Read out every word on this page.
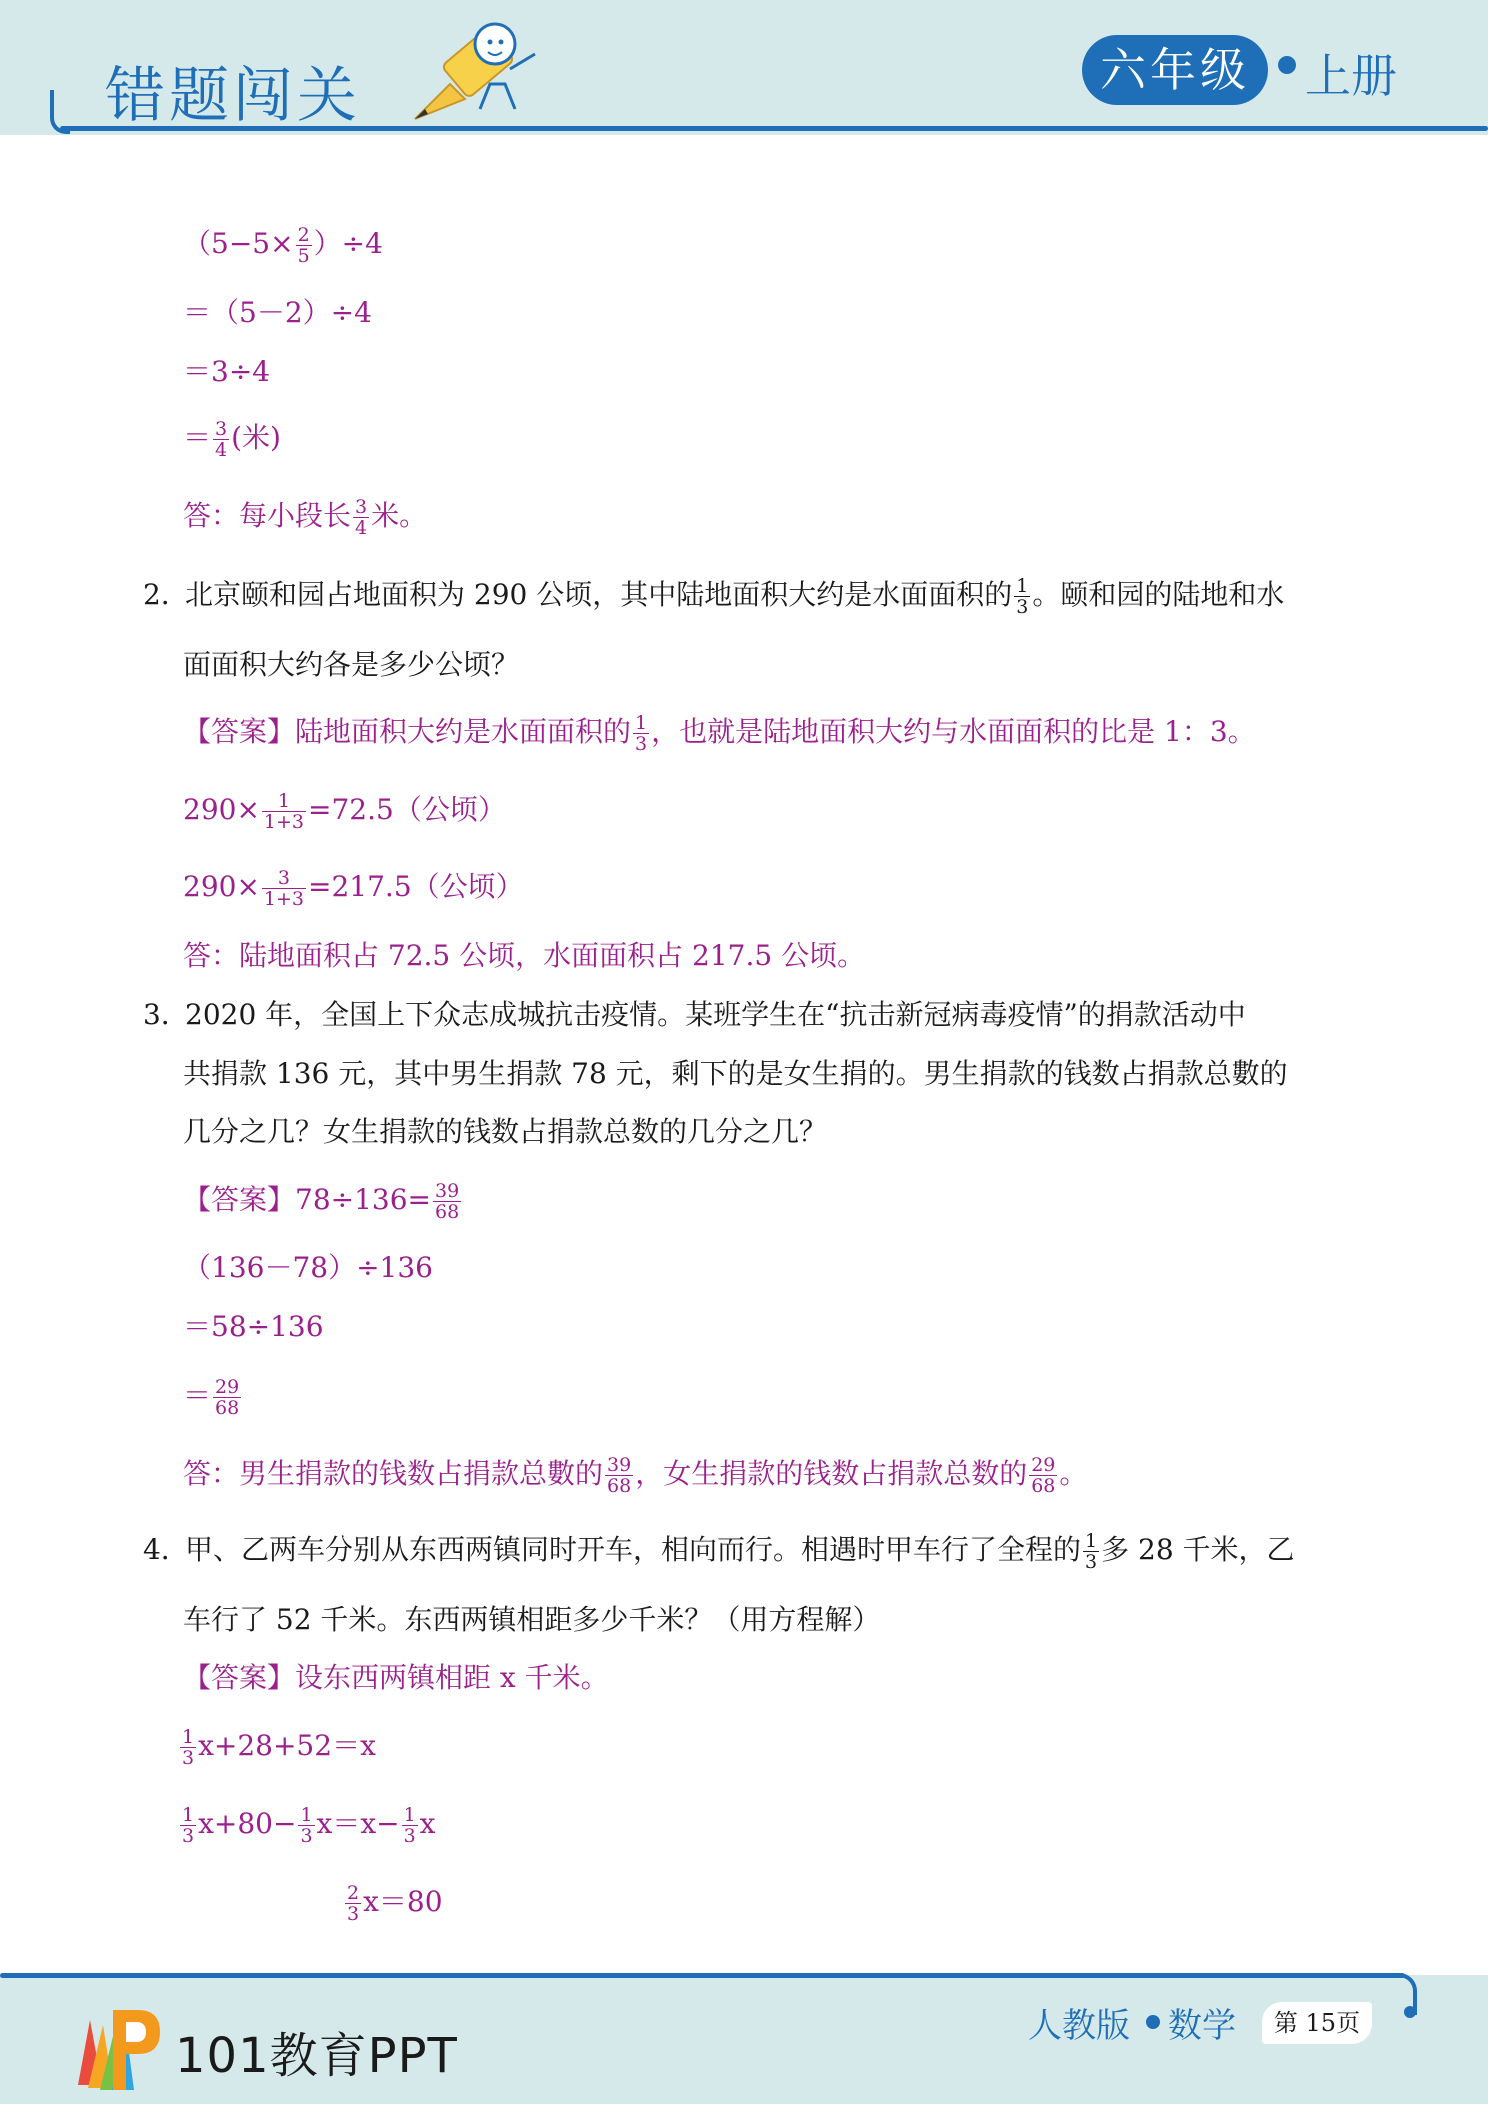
错题闯关	六年级	上册
$(5-5\times \frac{2}{5} )\div 4$
＝（5－2）÷4
＝3÷4
＝ $\frac{3}{4}$ (米)
答：每小段长 $\frac{3}{4}$ 米。
2．北京颐和园占地面积为 290 公顷，其中陆地面积大约是水面面积的 $\frac{1}{3}$ 。颐和园的陆地和水
面面积大约各是多少公顷？
【答案】陆地面积大约是水面面积的 $\frac{1}{3}$ ，也就是陆地面积大约与水面面积的比是 1：3。
$290\times \frac{1}{1+3} =72.5$（公顷）
$290\times \frac{3}{1+3} =217.5$（公顷）
答：陆地面积占 72.5 公顷，水面面积占 217.5 公顷。
3．2020 年，全国上下众志成城抗击疫情。某班学生在“抗击新冠病毒疫情”的捐款活动中
共捐款 136 元，其中男生捐款 78 元，剩下的是女生捐的。男生捐款的钱数占捐款总數的
几分之几？女生捐款的钱数占捐款总数的几分之几？
【答案】$78\div 136= \frac{39}{68}$
（136－78）÷136
＝58÷136
＝ $\frac{29}{68}$
答：男生捐款的钱数占捐款总數的 $\frac{39}{68}$ ，女生捐款的钱数占捐款总数的 $\frac{29}{68}$ 。
4．甲、乙两车分别从东西两镇同时开车，相向而行。相遇时甲车行了全程的 $\frac{1}{3}$ 多 28 千米，乙
车行了 52 千米。东西两镇相距多少千米？（用方程解）
【答案】设东西两镇相距 x 千米。
$\frac{1}{3} x+28+52=x$
$\frac{1}{3} x+80- \frac{1}{3} x=x- \frac{1}{3}$ x
$\frac{2}{3} x=80$
101教育PPT
人教版 数学	第 15页
